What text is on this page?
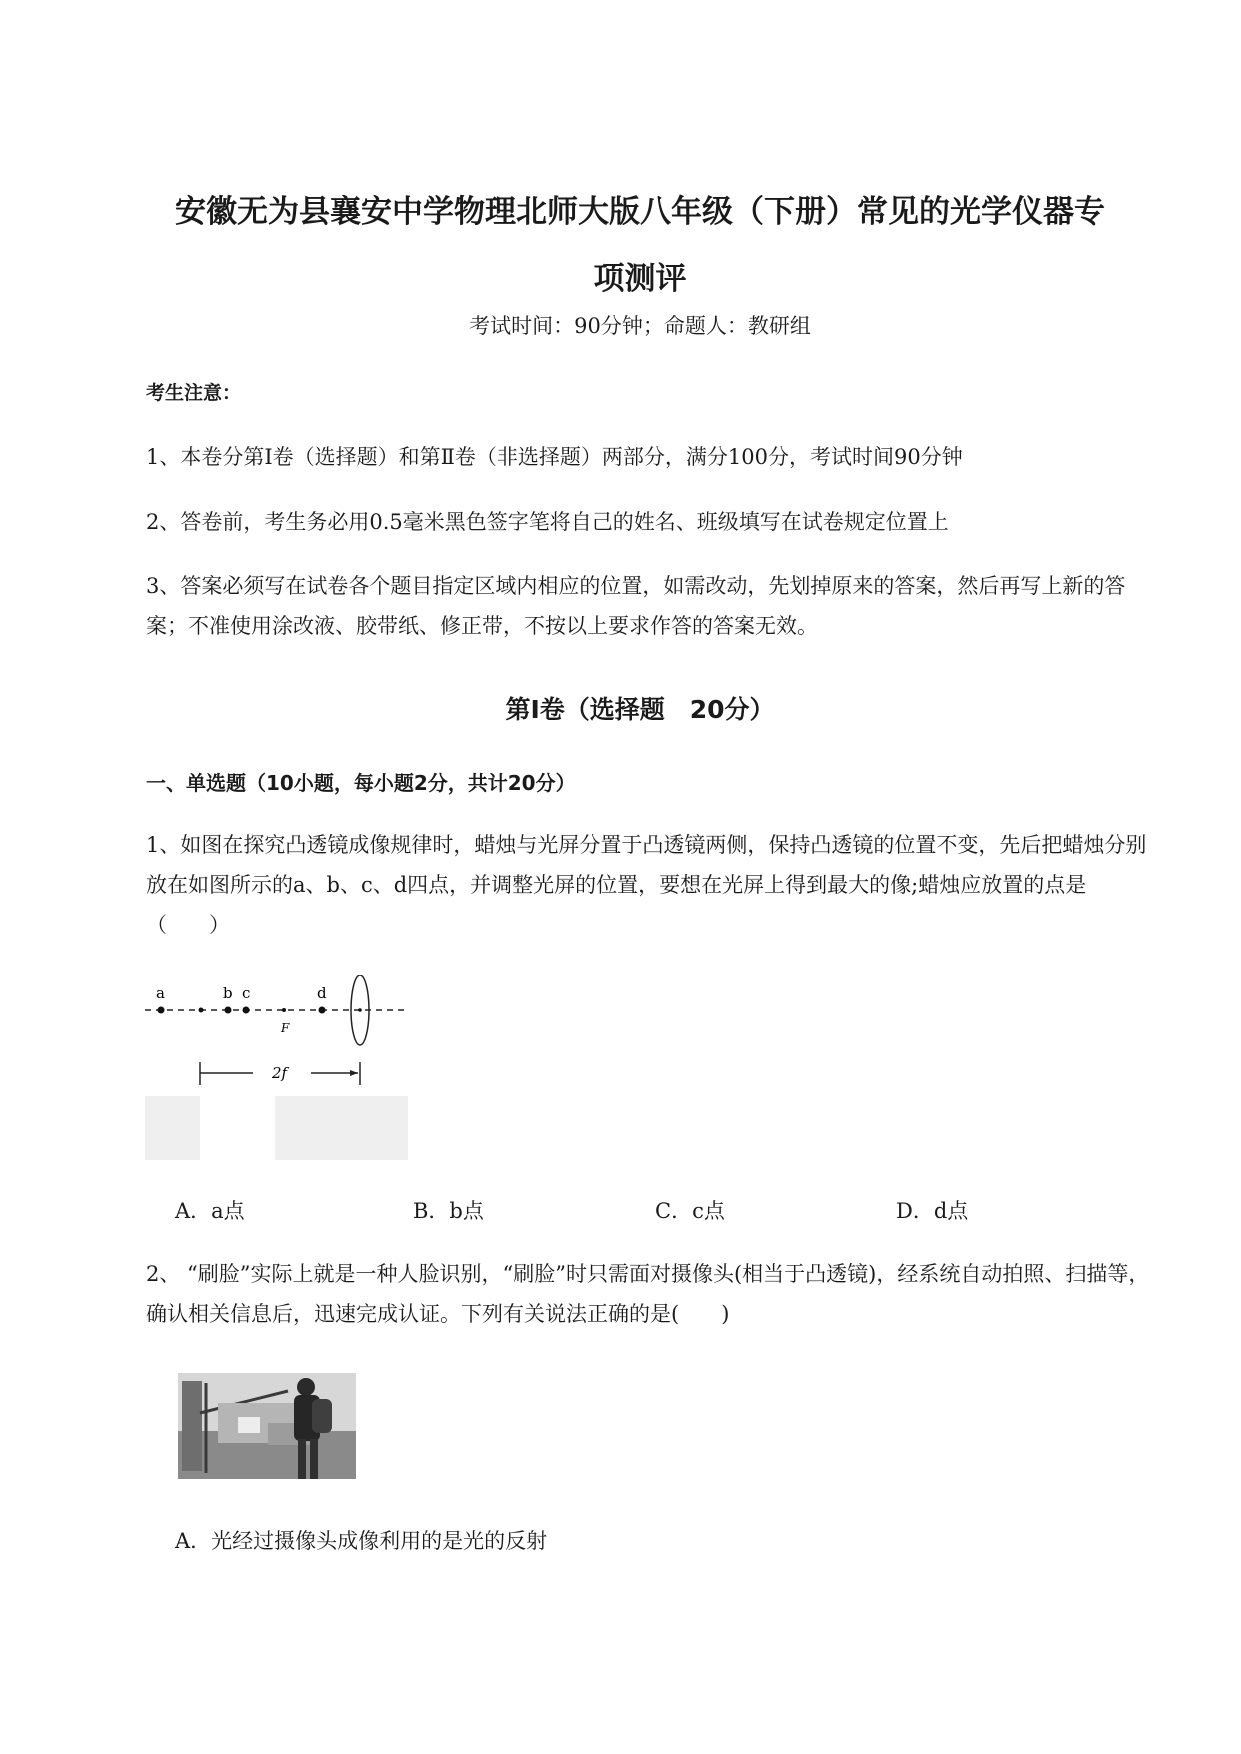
安徽无为县襄安中学物理北师大版八年级（下册）常见的光学仪器专
项测评
考试时间：90分钟；命题人：教研组
考生注意：
1、本卷分第Ⅰ卷（选择题）和第Ⅱ卷（非选择题）两部分，满分100分，考试时间90分钟
2、答卷前，考生务必用0.5毫米黑色签字笔将自己的姓名、班级填写在试卷规定位置上
3、答案必须写在试卷各个题目指定区域内相应的位置，如需改动，先划掉原来的答案，然后再写上新的答案；不准使用涂改液、胶带纸、修正带，不按以上要求作答的答案无效。
第Ⅰ卷（选择题　20分）
一、单选题（10小题，每小题2分，共计20分）
1、如图在探究凸透镜成像规律时，蜡烛与光屏分置于凸透镜两侧，保持凸透镜的位置不变，先后把蜡烛分别放在如图所示的a、b、c、d四点，并调整光屏的位置，要想在光屏上得到最大的像;蜡烛应放置的点是（　　）
a	b c	d
F
2f
A．a点	B．b点	C．c点	D．d点
2、 “刷脸”实际上就是一种人脸识别，“刷脸”时只需面对摄像头(相当于凸透镜)，经系统自动拍照、扫描等，确认相关信息后，迅速完成认证。下列有关说法正确的是(　　)
A．光经过摄像头成像利用的是光的反射
